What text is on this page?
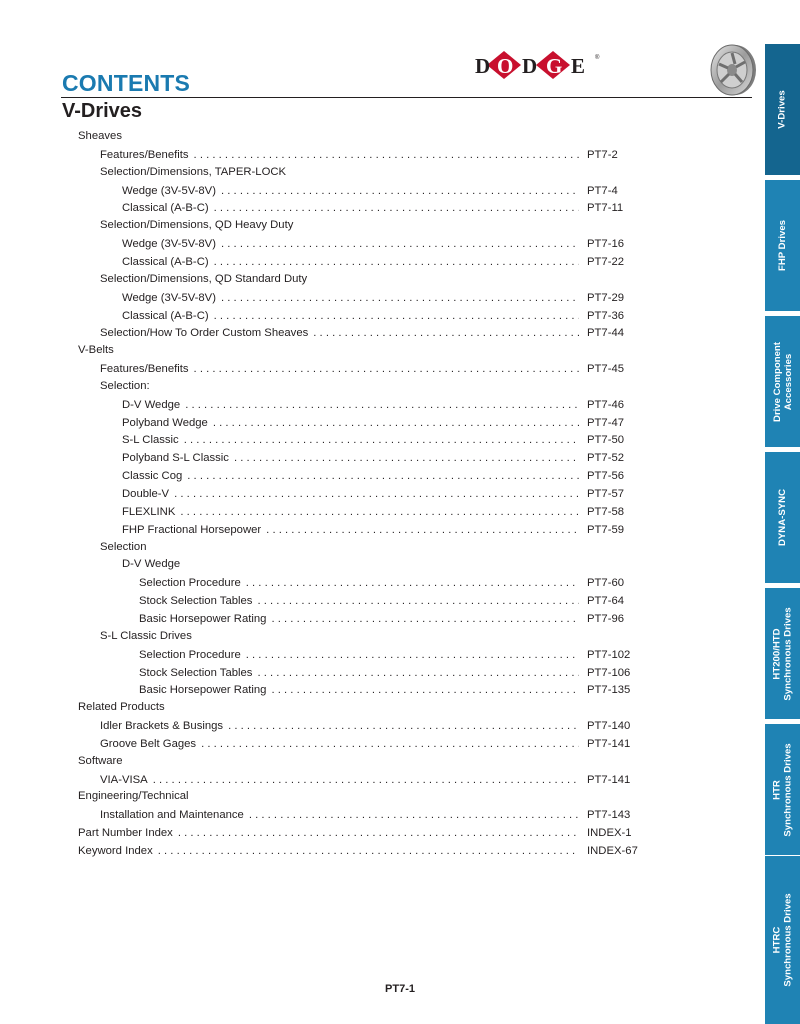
CONTENTS
V-Drives
D O D G E ®
Sheaves
Features/Benefits . . .	PT7-2
Selection/Dimensions, TAPER-LOCK
Wedge (3V-5V-8V) . . .	PT7-4
Classical (A-B-C) . . .	PT7-11
Selection/Dimensions, QD Heavy Duty
Wedge (3V-5V-8V) . . .	PT7-16
Classical (A-B-C) . . .	PT7-22
Selection/Dimensions, QD Standard Duty
Wedge (3V-5V-8V) . . .	PT7-29
Classical (A-B-C) . . .	PT7-36
Selection/How To Order Custom Sheaves . . .	PT7-44
V-Belts
Features/Benefits . . .	PT7-45
Selection:
D-V Wedge . . .	PT7-46
Polyband Wedge . . .	PT7-47
S-L Classic . . .	PT7-50
Polyband S-L Classic . . .	PT7-52
Classic Cog . . .	PT7-56
Double-V . . .	PT7-57
FLEXLINK . . .	PT7-58
FHP Fractional Horsepower . . .	PT7-59
Selection
D-V Wedge
Selection Procedure . . .	PT7-60
Stock Selection Tables . . .	PT7-64
Basic Horsepower Rating . . .	PT7-96
S-L Classic Drives
Selection Procedure . . .	PT7-102
Stock Selection Tables . . .	PT7-106
Basic Horsepower Rating . . .	PT7-135
Related Products
Idler Brackets & Busings . . .	PT7-140
Groove Belt Gages . . .	PT7-141
Software
VIA-VISA . . .	PT7-141
Engineering/Technical
Installation and Maintenance . . .	PT7-143
Part Number Index . . .	INDEX-1
Keyword Index . . .	INDEX-67
V-Drives
FHP Drives
Drive Component Accessories
DYNA-SYNC
HT200/HTD Synchronous Drives
HTR Synchronous Drives
HTRC Synchronous Drives
PT7-1
